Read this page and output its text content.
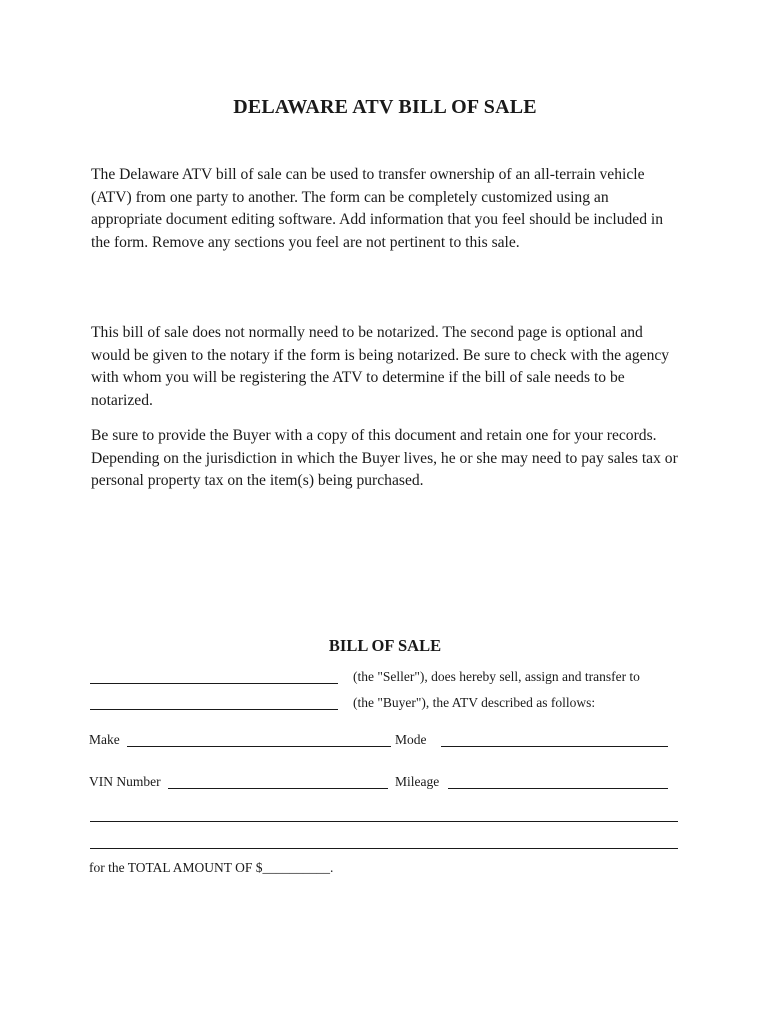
DELAWARE ATV BILL OF SALE

The Delaware ATV bill of sale can be used to transfer ownership of an all-terrain vehicle (ATV) from one party to another. The form can be completely customized using an appropriate document editing software. Add information that you feel should be included in the form. Remove any sections you feel are not pertinent to this sale.

This bill of sale does not normally need to be notarized. The second page is optional and would be given to the notary if the form is being notarized. Be sure to check with the agency with whom you will be registering the ATV to determine if the bill of sale needs to be notarized.

Be sure to provide the Buyer with a copy of this document and retain one for your records. Depending on the jurisdiction in which the Buyer lives, he or she may need to pay sales tax or personal property tax on the item(s) being purchased.

BILL OF SALE
(the "Seller"), does hereby sell, assign and transfer to
(the "Buyer"), the ATV described as follows:
Make	Mode
VIN Number	Mileage
for the TOTAL AMOUNT OF $__________.
